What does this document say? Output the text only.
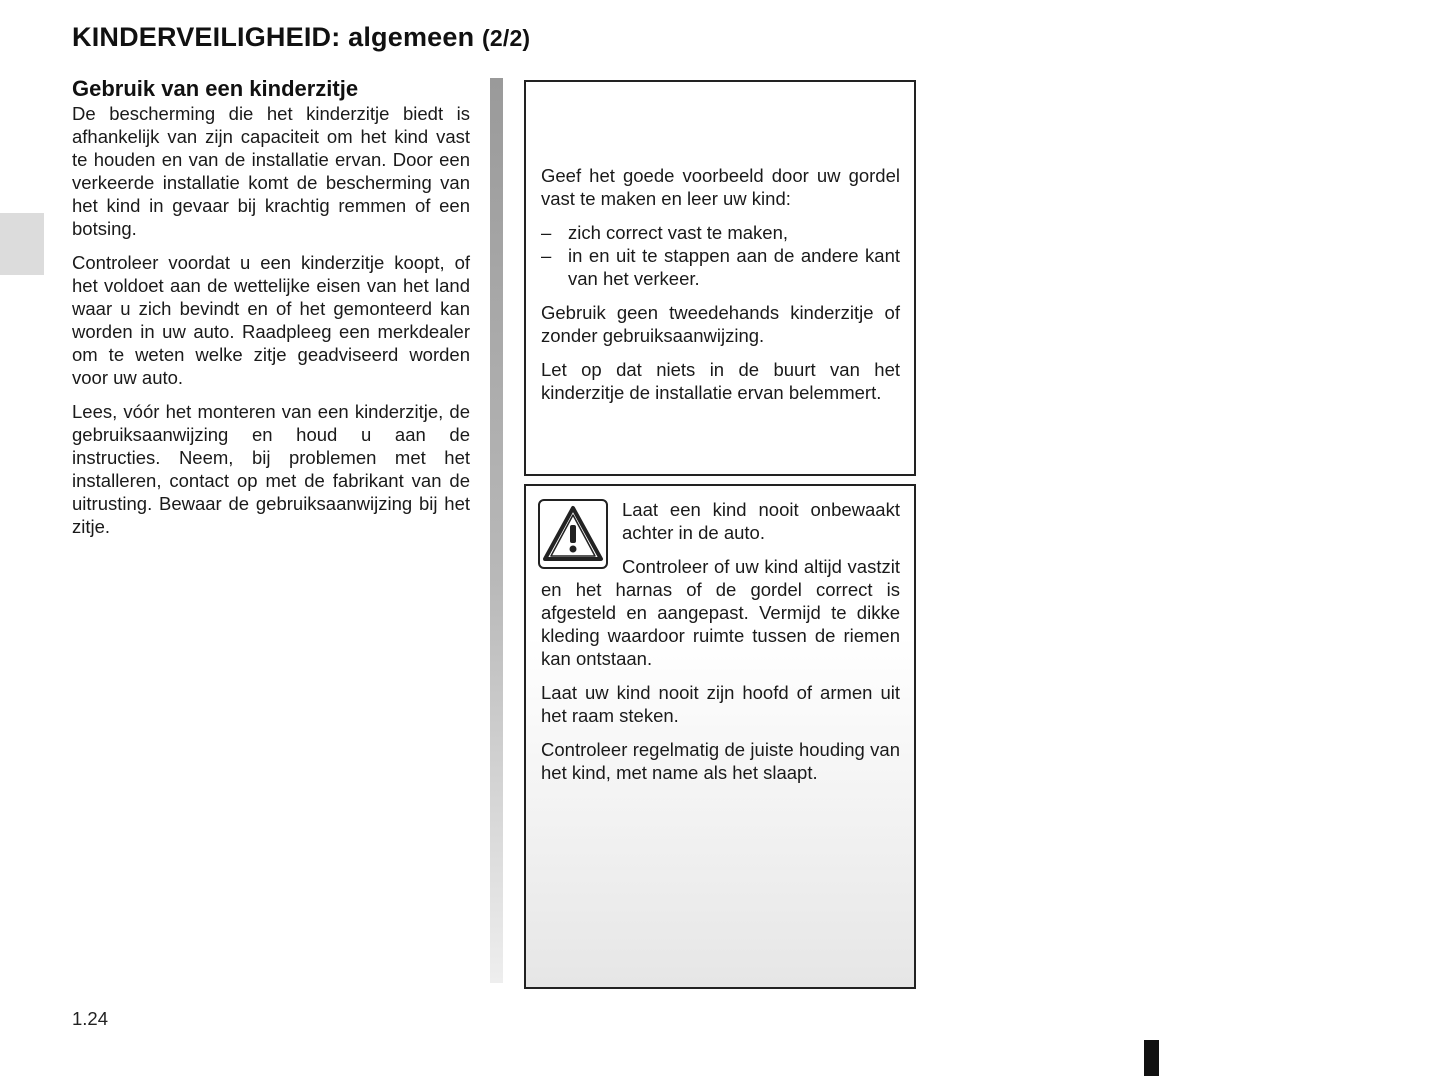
KINDERVEILIGHEID: algemeen (2/2)
Gebruik van een kinderzitje

De bescherming die het kinderzitje biedt is afhankelijk van zijn capaciteit om het kind vast te houden en van de installatie ervan. Door een verkeerde installatie komt de bescherming van het kind in gevaar bij krachtig remmen of een botsing.

Controleer voordat u een kinderzitje koopt, of het voldoet aan de wettelijke eisen van het land waar u zich bevindt en of het gemonteerd kan worden in uw auto. Raadpleeg een merkdealer om te weten welke zitje geadviseerd worden voor uw auto.

Lees, vóór het monteren van een kinderzitje, de gebruiksaanwijzing en houd u aan de instructies. Neem, bij problemen met het installeren, contact op met de fabrikant van de uitrusting. Bewaar de gebruiksaanwijzing bij het zitje.

Geef het goede voorbeeld door uw gordel vast te maken en leer uw kind:

– zich correct vast te maken,
– in en uit te stappen aan de andere kant van het verkeer.

Gebruik geen tweedehands kinderzitje of zonder gebruiksaanwijzing.

Let op dat niets in de buurt van het kinderzitje de installatie ervan belemmert.

Laat een kind nooit onbewaakt achter in de auto.

Controleer of uw kind altijd vastzit en het harnas of de gordel correct is afgesteld en aangepast. Vermijd te dikke kleding waardoor ruimte tussen de riemen kan ontstaan.

Laat uw kind nooit zijn hoofd of armen uit het raam steken.

Controleer regelmatig de juiste houding van het kind, met name als het slaapt.

1.24
